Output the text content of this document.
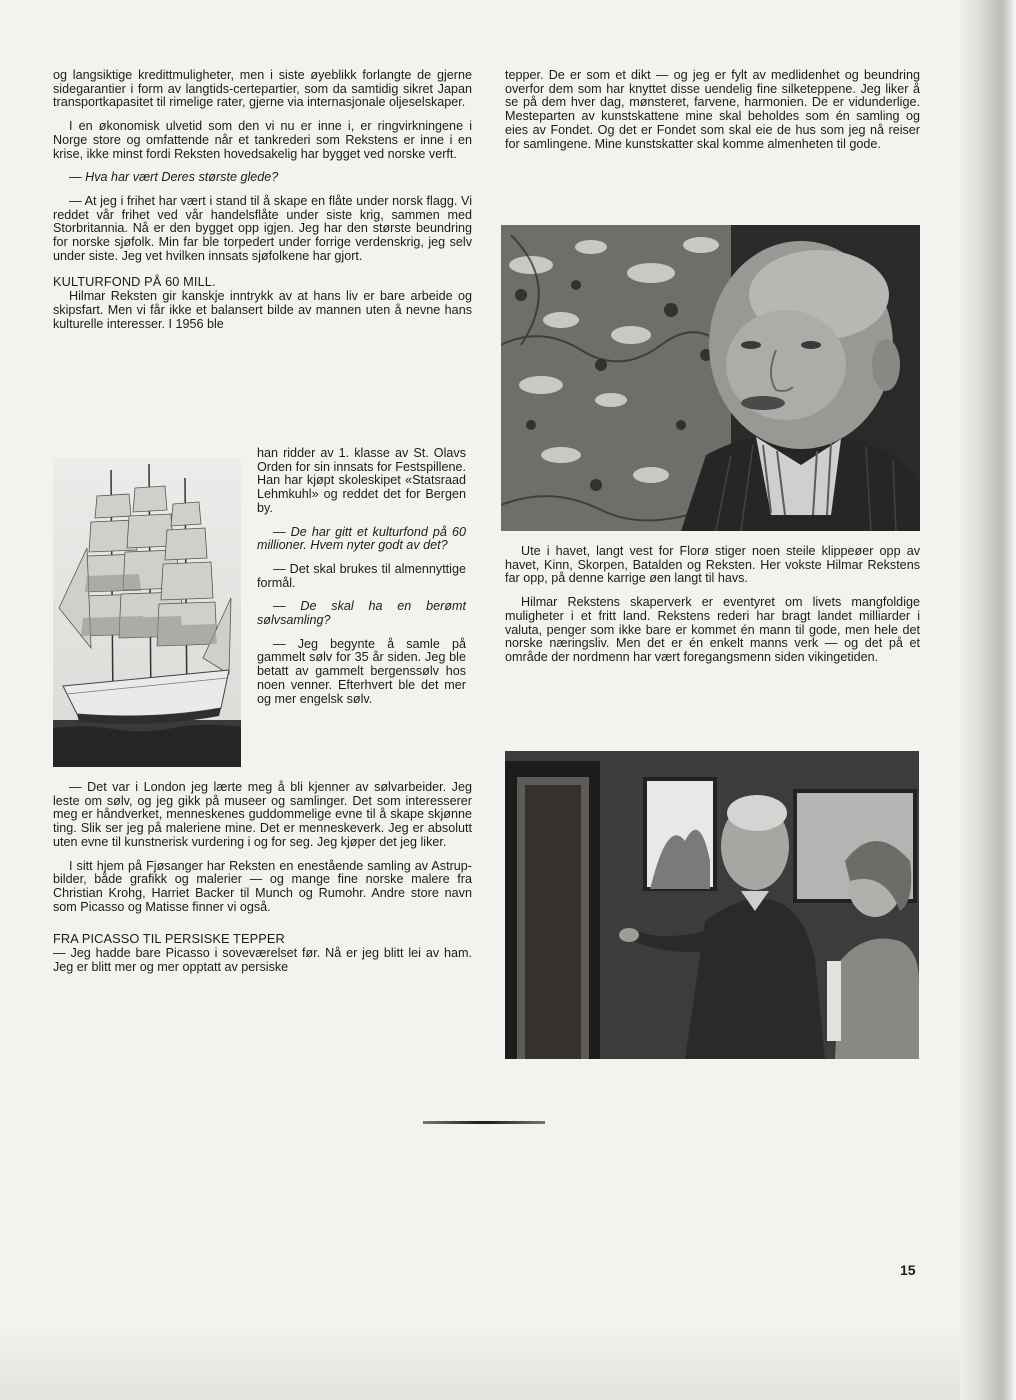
og langsiktige kredittmuligheter, men i siste øyeblikk forlangte de gjerne sidegarantier i form av langtids-certepartier, som da samtidig sikret Japan transportkapasitet til rimelige rater, gjerne via internasjonale oljeselskaper.

I en økonomisk ulvetid som den vi nu er inne i, er ringvirkningene i Norge store og omfattende når et tankrederi som Rekstens er inne i en krise, ikke minst fordi Reksten hovedsakelig har bygget ved norske verft.

— Hva har vært Deres største glede?

— At jeg i frihet har vært i stand til å skape en flåte under norsk flagg. Vi reddet vår frihet ved vår handelsflåte under siste krig, sammen med Storbritannia. Nå er den bygget opp igjen. Jeg har den største beundring for norske sjøfolk. Min far ble torpedert under forrige verdenskrig, jeg selv under siste. Jeg vet hvilken innsats sjøfolkene har gjort.

KULTURFOND PÅ 60 MILL.

Hilmar Reksten gir kanskje inntrykk av at hans liv er bare arbeide og skipsfart. Men vi får ikke et balansert bilde av mannen uten å nevne hans kulturelle interesser. I 1956 ble

han ridder av 1. klasse av St. Olavs Orden for sin innsats for Festspillene. Han har kjøpt skoleskipet «Statsraad Lehmkuhl» og reddet det for Bergen by.

— De har gitt et kulturfond på 60 millioner. Hvem nyter godt av det?

— Det skal brukes til almennyttige formål.

— De skal ha en berømt sølvsamling?

— Jeg begynte å samle på gammelt sølv for 35 år siden. Jeg ble betatt av gammelt bergenssølv hos noen venner. Efterhvert ble det mer og mer engelsk sølv.

— Det var i London jeg lærte meg å bli kjenner av sølvarbeider. Jeg leste om sølv, og jeg gikk på museer og samlinger. Det som interesserer meg er håndverket, menneskenes guddommelige evne til å skape skjønne ting. Slik ser jeg på maleriene mine. Det er menneskeverk. Jeg er absolutt uten evne til kunstnerisk vurdering i og for seg. Jeg kjøper det jeg liker.

I sitt hjem på Fjøsanger har Reksten en enestående samling av Astrup-bilder, både grafikk og malerier — og mange fine norske malere fra Christian Krohg, Harriet Backer til Munch og Rumohr. Andre store navn som Picasso og Matisse finner vi også.

FRA PICASSO TIL PERSISKE TEPPER

— Jeg hadde bare Picasso i soveværelset før. Nå er jeg blitt lei av ham. Jeg er blitt mer og mer opptatt av persiske

tepper. De er som et dikt — og jeg er fylt av medlidenhet og beundring overfor dem som har knyttet disse uendelig fine silketeppene. Jeg liker å se på dem hver dag, mønsteret, farvene, harmonien. De er vidunderlige. Mesteparten av kunstskattene mine skal beholdes som én samling og eies av Fondet. Og det er Fondet som skal eie de hus som jeg nå reiser for samlingene. Mine kunstskatter skal komme almenheten til gode.

Ute i havet, langt vest for Florø stiger noen steile klippeøer opp av havet, Kinn, Skorpen, Batalden og Reksten. Her vokste Hilmar Rekstens far opp, på denne karrige øen langt til havs.

Hilmar Rekstens skaperverk er eventyret om livets mangfoldige muligheter i et fritt land. Rekstens rederi har bragt landet milliarder i valuta, penger som ikke bare er kommet én mann til gode, men hele det norske næringsliv. Men det er én enkelt manns verk — og det på et område der nordmenn har vært foregangsmenn siden vikingetiden.

15
